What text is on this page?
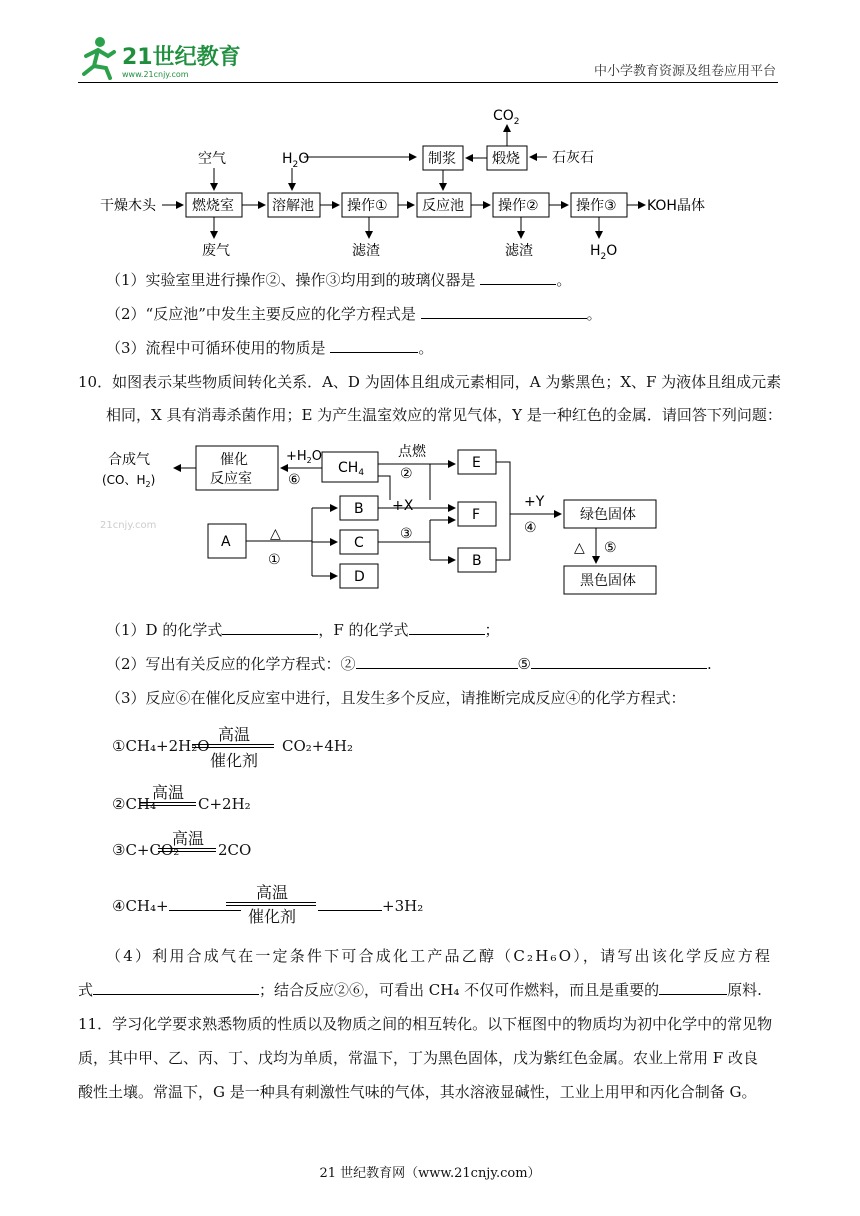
21世纪教育
www.21cnjy.com	中小学教育资源及组卷应用平台
$CO_2$
空气	$H_2O$	石灰石
干燥木头	KOH晶体
废气	滤渣	滤渣	$H_2O$
制浆	煅烧
燃烧室	溶解池 操作① 反应池 操作②	操作③
（1）实验室里进行操作②、操作③均用到的玻璃仪器是	。
（2）“反应池”中发生主要反应的化学方程式是	。
（3）流程中可循环使用的物质是	。
10．如图表示某些物质间转化关系．A、D 为固体且组成元素相同，A 为紫黑色；X、F 为液体且组成元素
相同，X 具有消毒杀菌作用；E 为产生温室效应的常见气体，Y 是一种红色的金属．请回答下列问题：
合成气
(CO、$H_2$)
$+H_2O$
⑥
点燃
②
+X
③
△
①
+Y
④
△ ⑤
21cnjy.com
催化
反应室
$CH_4$
E
B	F
A	C
B
D
绿色固体
黑色固体
（1）D 的化学式	，F 的化学式	；
（2）写出有关反应的化学方程式：②	⑤	.
（3）反应⑥在催化反应室中进行，且发生多个反应，请推断完成反应④的化学方程式：
①CH₄+2H₂O
高温
催化剂
CO₂+4H₂
②CH₄
高温
C+2H₂
③C+CO₂
高温
2CO
④CH₄+
高温
催化剂
+3H₂
（4）利用合成气在一定条件下可合成化工产品乙醇（C₂H₆O），请写出该化学反应方程
式	；结合反应②⑥，可看出 CH₄ 不仅可作燃料，而且是重要的	原料.
11．学习化学要求熟悉物质的性质以及物质之间的相互转化。以下框图中的物质均为初中化学中的常见物
质，其中甲、乙、丙、丁、戊均为单质，常温下，丁为黑色固体，戊为紫红色金属。农业上常用 F 改良
酸性土壤。常温下，G 是一种具有刺激性气味的气体，其水溶液显碱性，工业上用甲和丙化合制备 G。
21 世纪教育网（www.21cnjy.com）
